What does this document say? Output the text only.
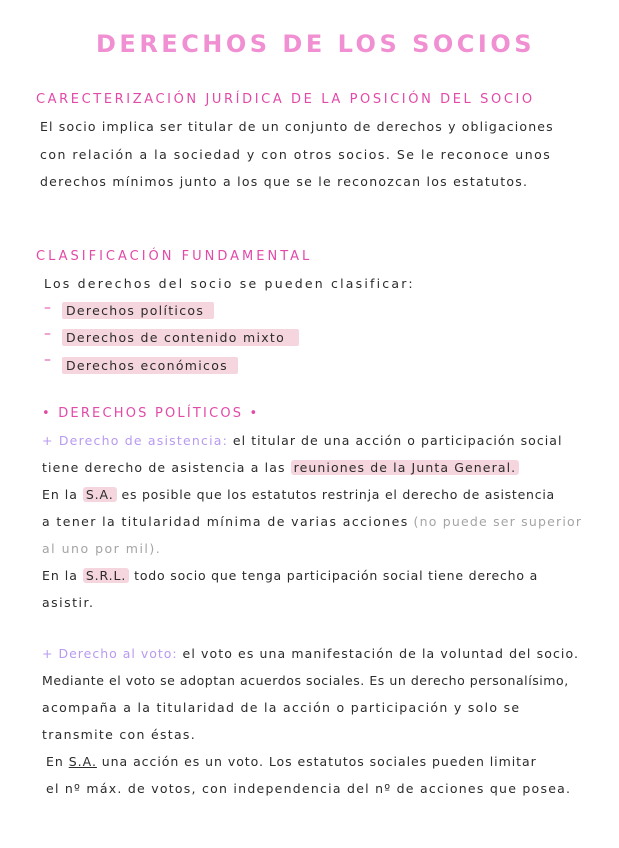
DERECHOS DE LOS SOCIOS
CARECTERIZACIÓN JURÍDICA DE LA POSICIÓN DEL SOCIO
El socio implica ser titular de un conjunto de derechos y obligaciones
con relación a la sociedad y con otros socios. Se le reconoce unos
derechos mínimos junto a los que se le reconozcan los estatutos.
CLASIFICACIÓN FUNDAMENTAL
Los derechos del socio se pueden clasificar:
–	Derechos políticos
–	Derechos de contenido mixto
–	Derechos económicos
• DERECHOS POLÍTICOS •
+ Derecho de asistencia: el titular de una acción o participación social
tiene derecho de asistencia a las reuniones de la Junta General.
En la S.A. es posible que los estatutos restrinja el derecho de asistencia
a tener la titularidad mínima de varias acciones (no puede ser superior
al uno por mil).
En la S.R.L. todo socio que tenga participación social tiene derecho a
asistir.
+ Derecho al voto: el voto es una manifestación de la voluntad del socio.
Mediante el voto se adoptan acuerdos sociales. Es un derecho personalísimo,
acompaña a la titularidad de la acción o participación y solo se
transmite con éstas.
En S.A. una acción es un voto. Los estatutos sociales pueden limitar
el nº máx. de votos, con independencia del nº de acciones que posea.
